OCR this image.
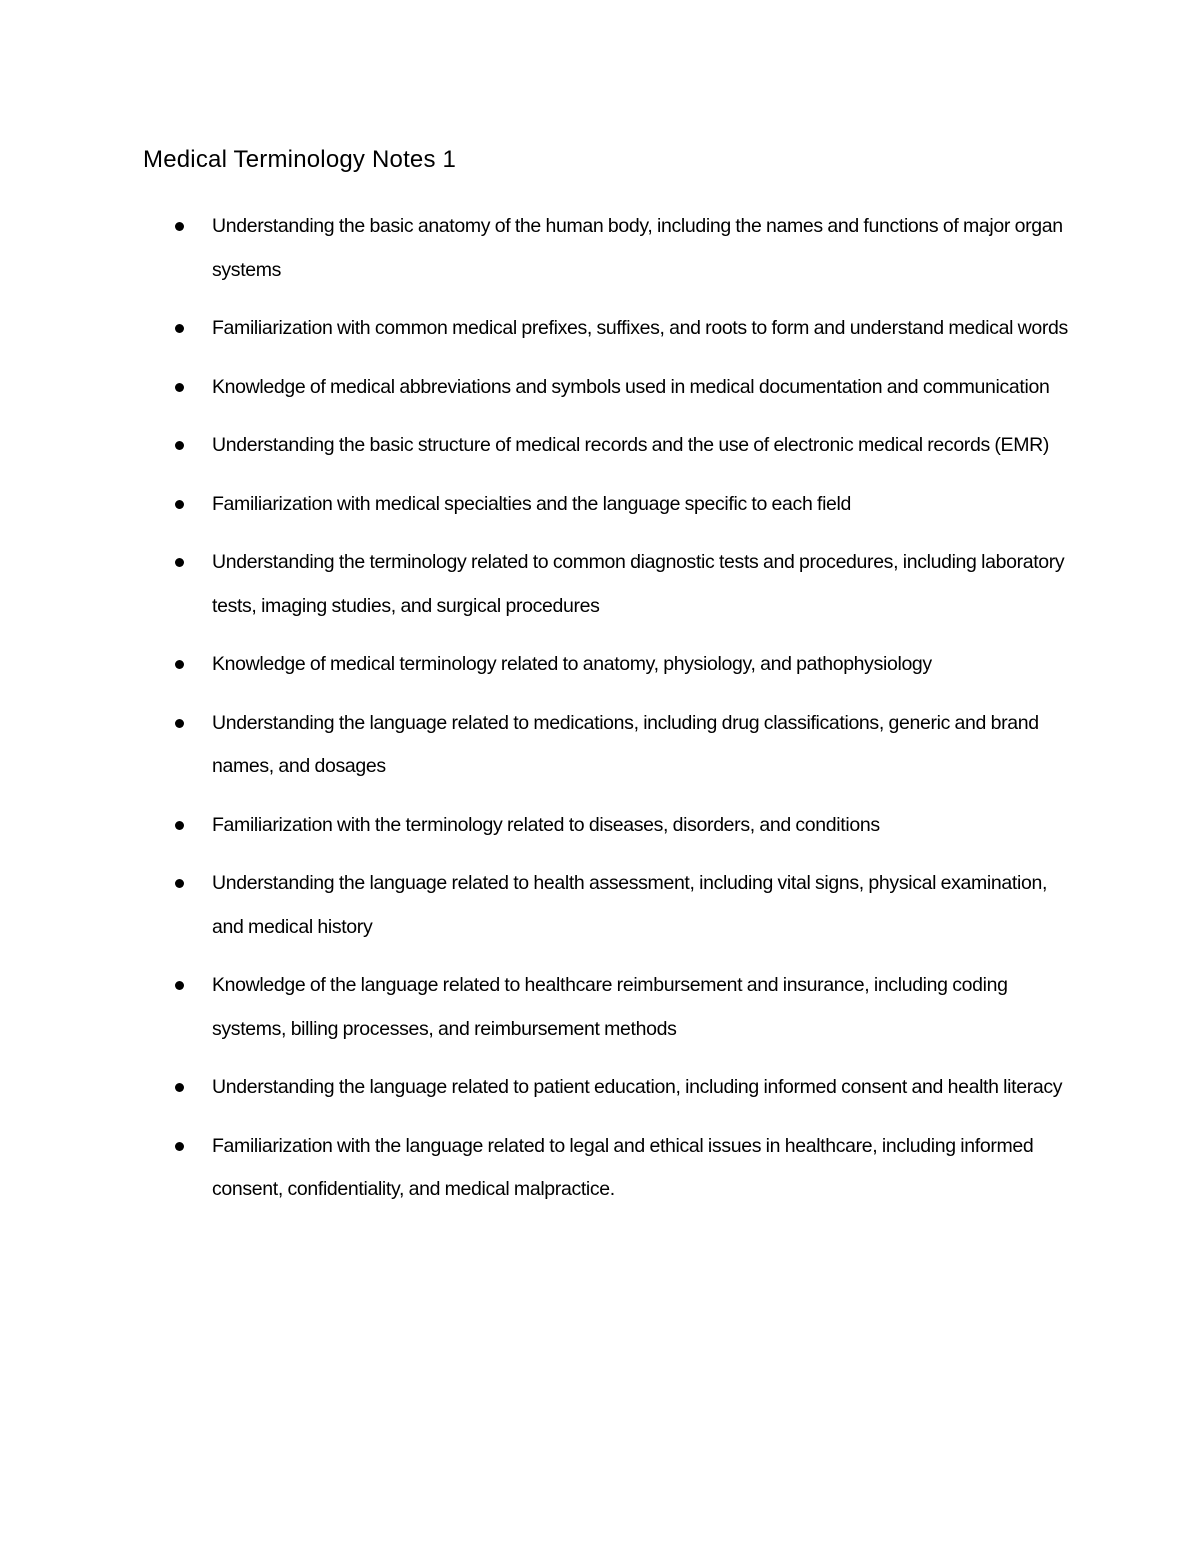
Medical Terminology Notes 1
Understanding the basic anatomy of the human body, including the names and functions of major organ systems
Familiarization with common medical prefixes, suffixes, and roots to form and understand medical words
Knowledge of medical abbreviations and symbols used in medical documentation and communication
Understanding the basic structure of medical records and the use of electronic medical records (EMR)
Familiarization with medical specialties and the language specific to each field
Understanding the terminology related to common diagnostic tests and procedures, including laboratory tests, imaging studies, and surgical procedures
Knowledge of medical terminology related to anatomy, physiology, and pathophysiology
Understanding the language related to medications, including drug classifications, generic and brand names, and dosages
Familiarization with the terminology related to diseases, disorders, and conditions
Understanding the language related to health assessment, including vital signs, physical examination, and medical history
Knowledge of the language related to healthcare reimbursement and insurance, including coding systems, billing processes, and reimbursement methods
Understanding the language related to patient education, including informed consent and health literacy
Familiarization with the language related to legal and ethical issues in healthcare, including informed consent, confidentiality, and medical malpractice.
